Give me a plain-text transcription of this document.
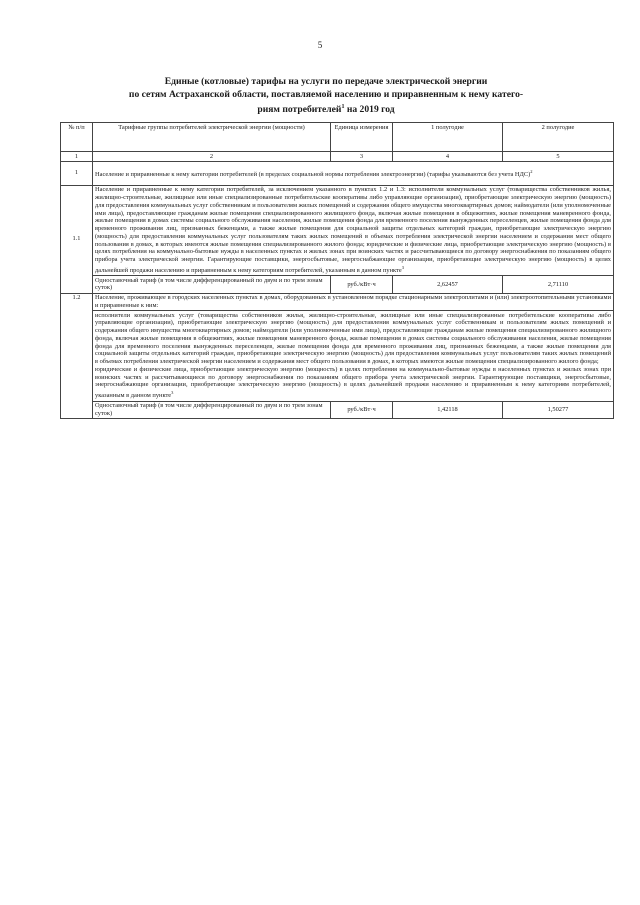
5
Единые (котловые) тарифы на услуги по передаче электрической энергии
по сетям Астраханской области, поставляемой населению и приравненным к нему катего-
риям потребителей$^1$ на 2019 год
№ п/п	Тарифные группы потребителей электрической энергии (мощности)	Единица измерения	1 полугодие	2 полугодие
1	2	3	4	5
1	Население и приравненные к нему категории потребителей (в пределах социальной нормы потребления электроэнергии) (тарифы указываются без учета НДС)$^2$
1.1	Население и приравненные к нему категории потребителей, за исключением указанного в пунктах 1.2 и 1.3: исполнители коммунальных услуг (товарищества собственников жилья, жилищно-строительные, жилищные или иные специализированные потребительские кооперативы либо управляющие организации), приобретающие электрическую энергию (мощность) для предоставления коммунальных услуг собственникам и пользователям жилых помещений и содержания общего имущества многоквартирных домов; наймодатели (или уполномоченные ими лица), предоставляющие гражданам жилые помещения специализированного жилищного фонда, включая жилые помещения в общежитиях, жилые помещения маневренного фонда, жилые помещения в домах системы социального обслуживания населения, жилые помещения фонда для временного поселения вынужденных переселенцев, жилые помещения фонда для временного проживания лиц, признанных беженцами, а также жилые помещения для социальной защиты отдельных категорий граждан, приобретающие электрическую энергию (мощность) для предоставления коммунальных услуг пользователям таких жилых помещений в объемах потребления электрической энергии населением и содержания мест общего пользования в домах, в которых имеются жилые помещения специализированного жилого фонда; юридические и физические лица, приобретающие электрическую энергию (мощность) в целях потребления на коммунально-бытовые нужды в населенных пунктах и жилых зонах при воинских частях и рассчитывающиеся по договору энергоснабжения по показаниям общего прибора учета электрической энергии. Гарантирующие поставщики, энергосбытовые, энергоснабжающие организации, приобретающие электрическую энергию (мощность) в целях дальнейшей продажи населению и приравненным к нему категориям потребителей, указанным в данном пункте$^3$
	Одноставочный тариф (в том числе дифференцированный по двум и по трем зонам суток)	руб./кВт·ч	2,62457	2,71110
1.2	Население, проживающее в городских населенных пунктах в домах, оборудованных в установленном порядке стационарными электроплитами и (или) электроотопительными установками и приравненные к ним:			

	исполнители коммунальных услуг (товарищества собственников жилья, жилищно-строительные, жилищные или иные специализированные потребительские кооперативы либо управляющие организации), приобретающие электрическую энергию (мощность) для предоставления коммунальных услуг собственникам и пользователям жилых помещений и содержания общего имущества многоквартирных домов; наймодатели (или уполномоченные ими лица), предоставляющие гражданам жилые помещения специализированного жилищного фонда, включая жилые помещения в общежитиях, жилые помещения маневренного фонда, жилые помещения в домах системы социального обслуживания населения, жилые помещения фонда для временного поселения вынужденных переселенцев, жилые помещения фонда для временного проживания лиц, признанных беженцами, а также жилые помещения для социальной защиты отдельных категорий граждан, приобретающие электрическую энергию (мощность) для предоставления коммунальных услуг пользователям таких жилых помещений в объемах потребления электрической энергии населением и содержания мест общего пользования в домах, в которых имеются жилые помещения специализированного жилого фонда;
юридические и физические лица, приобретающие электрическую энергию (мощность) в целях потребления на коммунально-бытовые нужды в населенных пунктах и жилых зонах при воинских частях и рассчитывающиеся по договору энергоснабжения по показаниям общего прибора учета электрической энергии. Гарантирующие поставщики, энергосбытовые, энергоснабжающие организации, приобретающие электрическую энергию (мощность) в целях дальнейшей продажи населению и приравненным к нему категориям потребителей, указанным в данном пункте$^3$

	Одноставочный тариф (в том числе дифференцированный по двум и по трем зонам суток)	руб./кВт·ч	1,42118	1,50277
